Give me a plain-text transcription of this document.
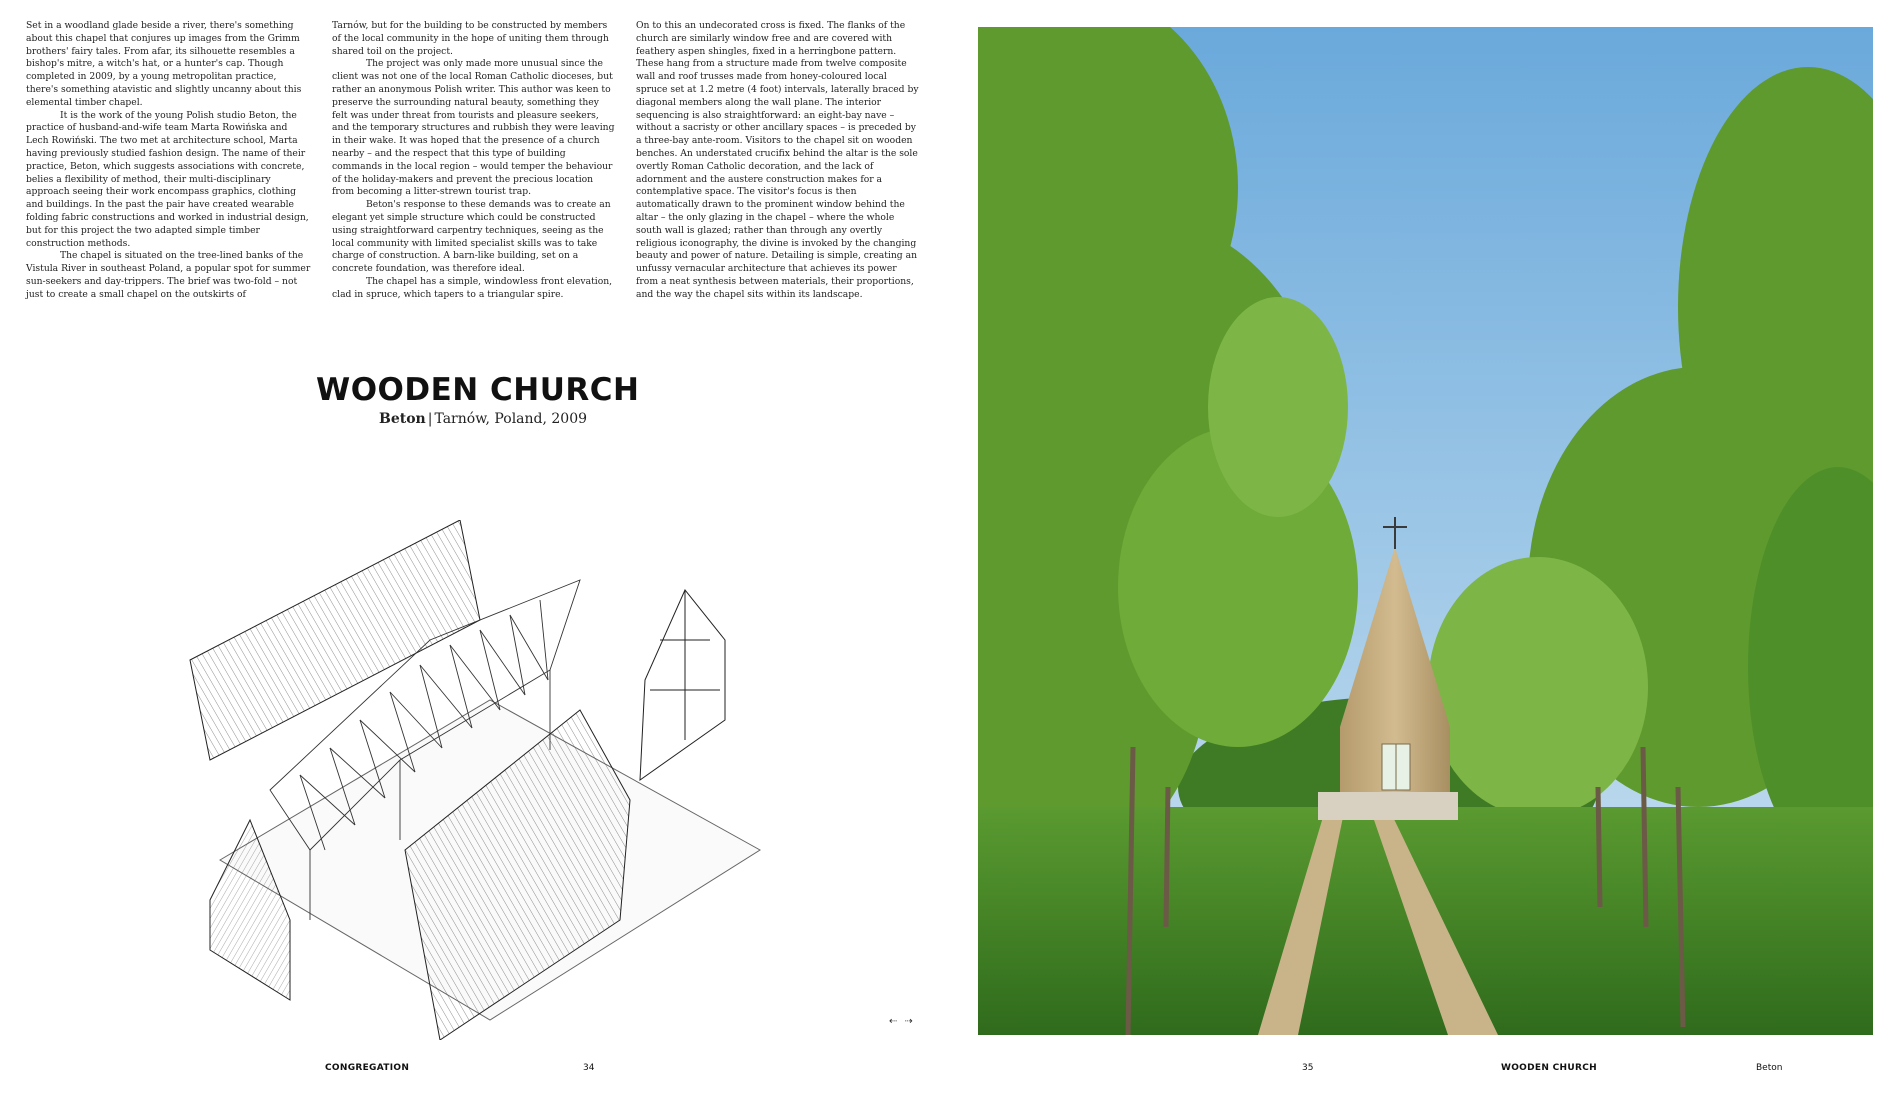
Set in a woodland glade beside a river, there's something about this chapel that conjures up images from the Grimm brothers' fairy tales. From afar, its silhouette resembles a bishop's mitre, a witch's hat, or a hunter's cap. Though completed in 2009, by a young metropolitan practice, there's something atavistic and slightly uncanny about this elemental timber chapel.

It is the work of the young Polish studio Beton, the practice of husband-and-wife team Marta Rowińska and Lech Rowiński. The two met at architecture school, Marta having previously studied fashion design. The name of their practice, Beton, which suggests associations with concrete, belies a flexibility of method, their multi-disciplinary approach seeing their work encompass graphics, clothing and buildings. In the past the pair have created wearable folding fabric constructions and worked in industrial design, but for this project the two adapted simple timber construction methods.

The chapel is situated on the tree-lined banks of the Vistula River in southeast Poland, a popular spot for summer sun-seekers and day-trippers. The brief was two-fold – not just to create a small chapel on the outskirts of

Tarnów, but for the building to be constructed by members of the local community in the hope of uniting them through shared toil on the project.

The project was only made more unusual since the client was not one of the local Roman Catholic dioceses, but rather an anonymous Polish writer. This author was keen to preserve the surrounding natural beauty, something they felt was under threat from tourists and pleasure seekers, and the temporary structures and rubbish they were leaving in their wake. It was hoped that the presence of a church nearby – and the respect that this type of building commands in the local region – would temper the behaviour of the holiday-makers and prevent the precious location from becoming a litter-strewn tourist trap.

Beton's response to these demands was to create an elegant yet simple structure which could be constructed using straightforward carpentry techniques, seeing as the local community with limited specialist skills was to take charge of construction. A barn-like building, set on a concrete foundation, was therefore ideal.

The chapel has a simple, windowless front elevation, clad in spruce, which tapers to a triangular spire.

On to this an undecorated cross is fixed. The flanks of the church are similarly window free and are covered with feathery aspen shingles, fixed in a herringbone pattern. These hang from a structure made from twelve composite wall and roof trusses made from honey-coloured local spruce set at 1.2 metre (4 foot) intervals, laterally braced by diagonal members along the wall plane. The interior sequencing is also straightforward: an eight-bay nave – without a sacristy or other ancillary spaces – is preceded by a three-bay ante-room. Visitors to the chapel sit on wooden benches. An understated crucifix behind the altar is the sole overtly Roman Catholic decoration, and the lack of adornment and the austere construction makes for a contemplative space. The visitor's focus is then automatically drawn to the prominent window behind the altar – the only glazing in the chapel – where the whole south wall is glazed; rather than through any overtly religious iconography, the divine is invoked by the changing beauty and power of nature. Detailing is simple, creating an unfussy vernacular architecture that achieves its power from a neat synthesis between materials, their proportions, and the way the chapel sits within its landscape.

WOODEN CHURCH
Beton | Tarnów, Poland, 2009
⇠ ⇢
CONGREGATION	34	35	WOODEN CHURCH	Beton
